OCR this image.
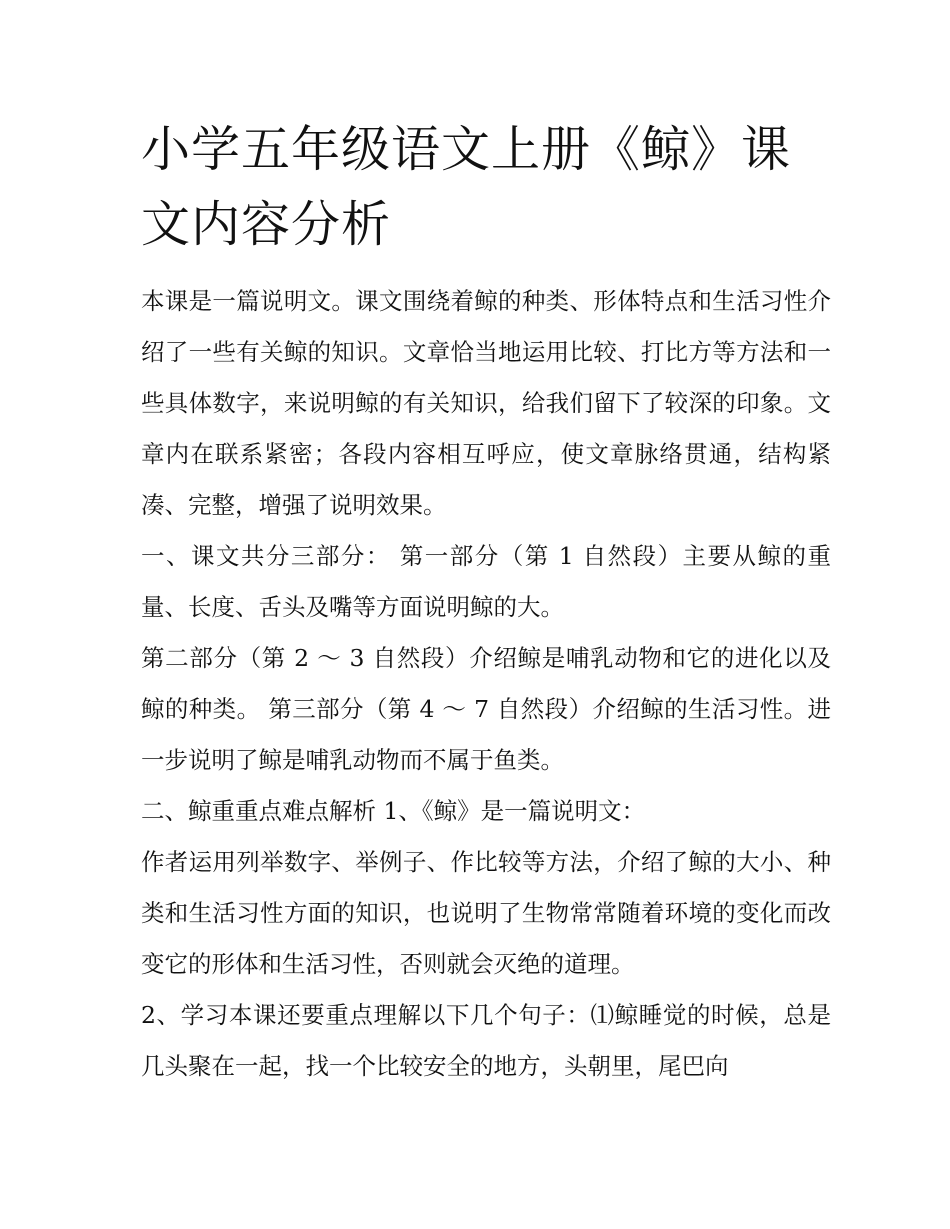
小学五年级语文上册《鲸》课文内容分析

本课是一篇说明文。课文围绕着鲸的种类、形体特点和生活习性介绍了一些有关鲸的知识。文章恰当地运用比较、打比方等方法和一些具体数字，来说明鲸的有关知识，给我们留下了较深的印象。文章内在联系紧密；各段内容相互呼应，使文章脉络贯通，结构紧凑、完整，增强了说明效果。

一、课文共分三部分： 第一部分（第 1 自然段）主要从鲸的重量、长度、舌头及嘴等方面说明鲸的大。

第二部分（第 2 ～ 3 自然段）介绍鲸是哺乳动物和它的进化以及鲸的种类。 第三部分（第 4 ～ 7 自然段）介绍鲸的生活习性。进一步说明了鲸是哺乳动物而不属于鱼类。

二、鲸重重点难点解析 1、《鲸》是一篇说明文：

作者运用列举数字、举例子、作比较等方法，介绍了鲸的大小、种类和生活习性方面的知识，也说明了生物常常随着环境的变化而改变它的形体和生活习性，否则就会灭绝的道理。

2、学习本课还要重点理解以下几个句子：⑴鲸睡觉的时候，总是几头聚在一起，找一个比较安全的地方，头朝里，尾巴向
